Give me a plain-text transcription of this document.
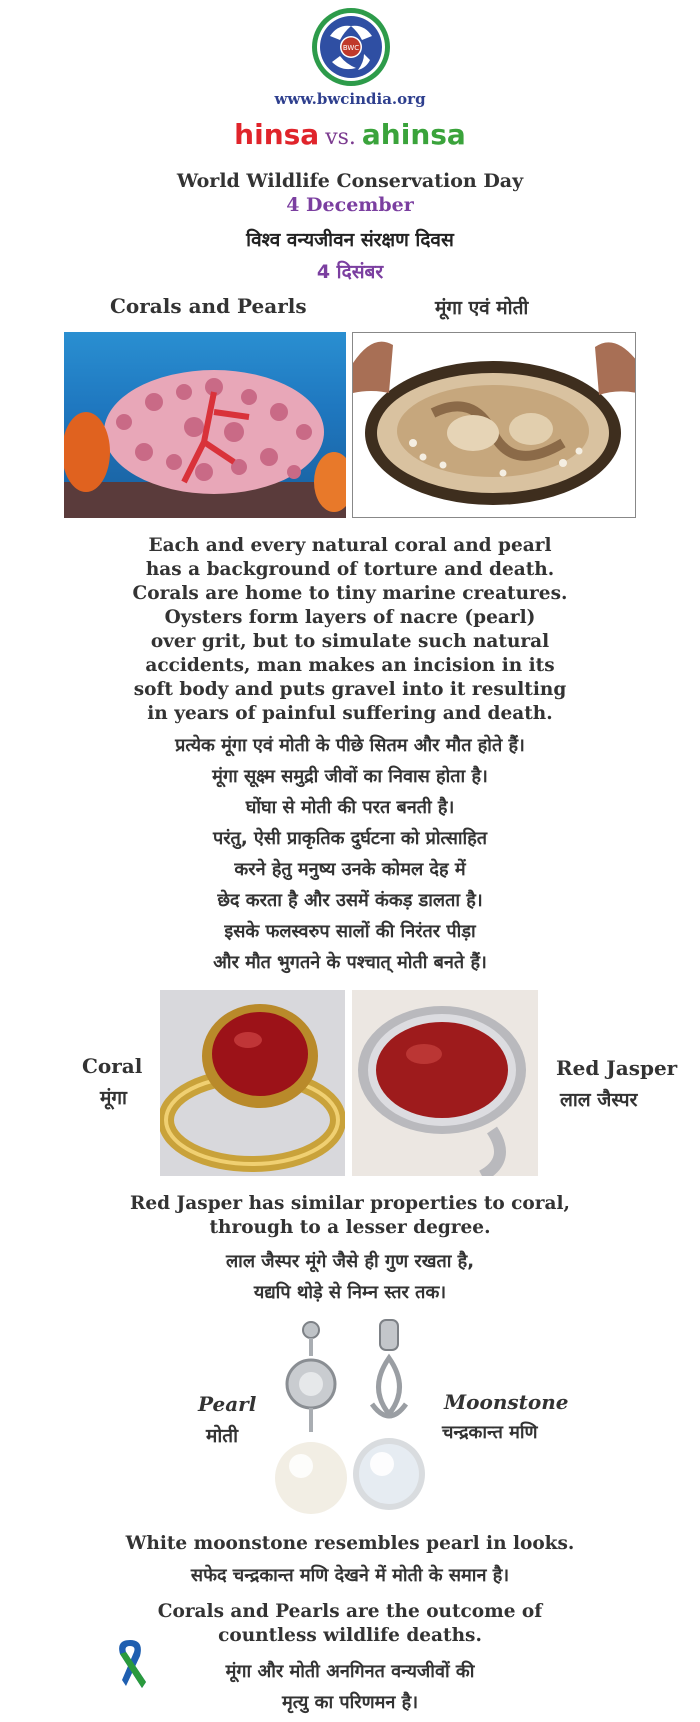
BWC
www.bwcindia.org
hinsa vs. ahinsa
World Wildlife Conservation Day
4 December
विश्व वन्यजीवन संरक्षण दिवस
4 दिसंबर
Corals and Pearls	मूंगा एवं मोती
Each and every natural coral and pearl
has a background of torture and death.
Corals are home to tiny marine creatures.
Oysters form layers of nacre (pearl)
over grit, but to simulate such natural
accidents, man makes an incision in its
soft body and puts gravel into it resulting
in years of painful suffering and death.
प्रत्येक मूंगा एवं मोती के पीछे सितम और मौत होते हैं।
मूंगा सूक्ष्म समुद्री जीवों का निवास होता है।
घोंघा से मोती की परत बनती है।
परंतु, ऐसी प्राकृतिक दुर्घटना को प्रोत्साहित
करने हेतु मनुष्य उनके कोमल देह में
छेद करता है और उसमें कंकड़ डालता है।
इसके फलस्वरुप सालों की निरंतर पीड़ा
और मौत भुगतने के पश्चात् मोती बनते हैं।
Coral
मूंगा
Red Jasper
लाल जैस्पर
Red Jasper has similar properties to coral,
through to a lesser degree.
लाल जैस्पर मूंगे जैसे ही गुण रखता है,
यद्यपि थोड़े से निम्न स्तर तक।
Pearl
मोती
Moonstone
चन्द्रकान्त मणि
White moonstone resembles pearl in looks.
सफेद चन्द्रकान्त मणि देखने में मोती के समान है।
Corals and Pearls are the outcome of
countless wildlife deaths.
मूंगा और मोती अनगिनत वन्यजीवों की
मृत्यु का परिणमन है।
